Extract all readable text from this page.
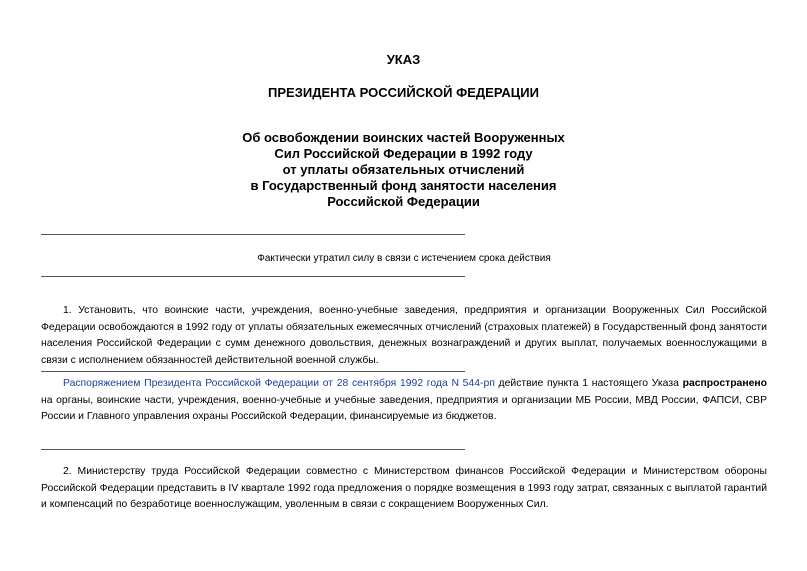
УКАЗ
ПРЕЗИДЕНТА РОССИЙСКОЙ ФЕДЕРАЦИИ
Об освобождении воинских частей Вооруженных
Сил Российской Федерации в 1992 году
от уплаты обязательных отчислений
в Государственный фонд занятости населения
Российской Федерации
Фактически утратил силу в связи с истечением срока действия
1. Установить, что воинские части, учреждения, военно-учебные заведения, предприятия и организации Вооруженных Сил Российской Федерации освобождаются в 1992 году от уплаты обязательных ежемесячных отчислений (страховых платежей) в Государственный фонд занятости населения Российской Федерации с сумм денежного довольствия, денежных вознаграждений и других выплат, получаемых военнослужащими в связи с исполнением обязанностей действительной военной службы.
Распоряжением Президента Российской Федерации от 28 сентября 1992 года N 544-рп действие пункта 1 настоящего Указа распространено на органы, воинские части, учреждения, военно-учебные и учебные заведения, предприятия и организации МБ России, МВД России, ФАПСИ, СВР России и Главного управления охраны Российской Федерации, финансируемые из бюджетов.
2. Министерству труда Российской Федерации совместно с Министерством финансов Российской Федерации и Министерством обороны Российской Федерации представить в IV квартале 1992 года предложения о порядке возмещения в 1993 году затрат, связанных с выплатой гарантий и компенсаций по безработице военнослужащим, уволенным в связи с сокращением Вооруженных Сил.
